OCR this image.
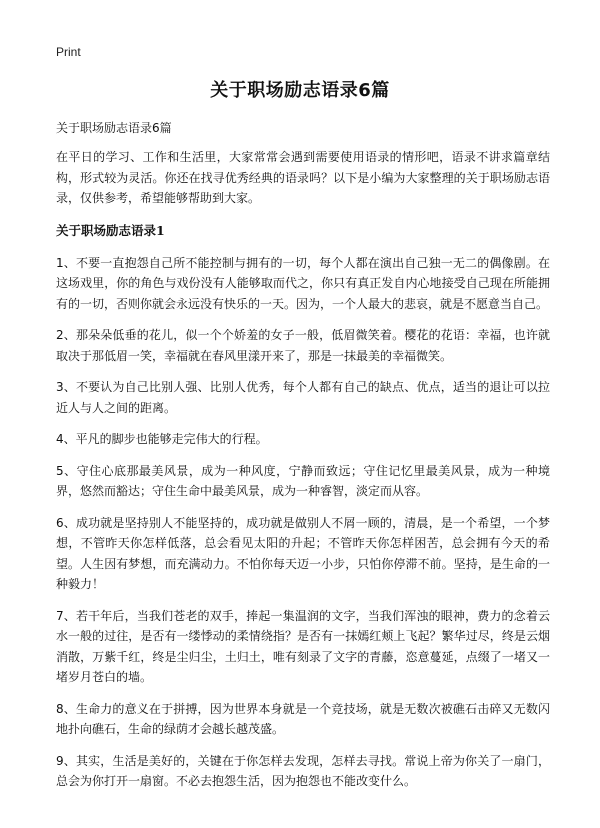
Print
关于职场励志语录6篇

关于职场励志语录6篇

在平日的学习、工作和生活里，大家常常会遇到需要使用语录的情形吧，语录不讲求篇章结构，形式较为灵活。你还在找寻优秀经典的语录吗？以下是小编为大家整理的关于职场励志语录，仅供参考，希望能够帮助到大家。

关于职场励志语录1

1、不要一直抱怨自己所不能控制与拥有的一切，每个人都在演出自己独一无二的偶像剧。在这场戏里，你的角色与戏份没有人能够取而代之，你只有真正发自内心地接受自己现在所能拥有的一切，否则你就会永远没有快乐的一天。因为，一个人最大的悲哀，就是不愿意当自己。

2、那朵朵低垂的花儿，似一个个娇羞的女子一般，低眉微笑着。樱花的花语：幸福，也许就取决于那低眉一笑，幸福就在春风里漾开来了，那是一抹最美的幸福微笑。

3、不要认为自己比别人强、比别人优秀，每个人都有自己的缺点、优点，适当的退让可以拉近人与人之间的距离。

4、平凡的脚步也能够走完伟大的行程。

5、守住心底那最美风景，成为一种风度，宁静而致远；守住记忆里最美风景，成为一种境界，悠然而豁达；守住生命中最美风景，成为一种睿智，淡定而从容。

6、成功就是坚持别人不能坚持的，成功就是做别人不屑一顾的，清晨，是一个希望，一个梦想，不管昨天你怎样低落，总会看见太阳的升起；不管昨天你怎样困苦，总会拥有今天的希望。人生因有梦想，而充满动力。不怕你每天迈一小步，只怕你停滞不前。坚持，是生命的一种毅力！

7、若干年后，当我们苍老的双手，捧起一集温润的文字，当我们浑浊的眼神，费力的念着云水一般的过往，是否有一缕悸动的柔情绕指？是否有一抹嫣红颊上飞起？繁华过尽，终是云烟消散，万紫千红，终是尘归尘，土归土，唯有刻录了文字的青藤，恣意蔓延，点缀了一堵又一堵岁月苍白的墙。

8、生命力的意义在于拼搏，因为世界本身就是一个竞技场，就是无数次被礁石击碎又无数闪地扑向礁石，生命的绿荫才会越长越茂盛。

9、其实，生活是美好的，关键在于你怎样去发现，怎样去寻找。常说上帝为你关了一扇门，总会为你打开一扇窗。不必去抱怨生活，因为抱怨也不能改变什么。
